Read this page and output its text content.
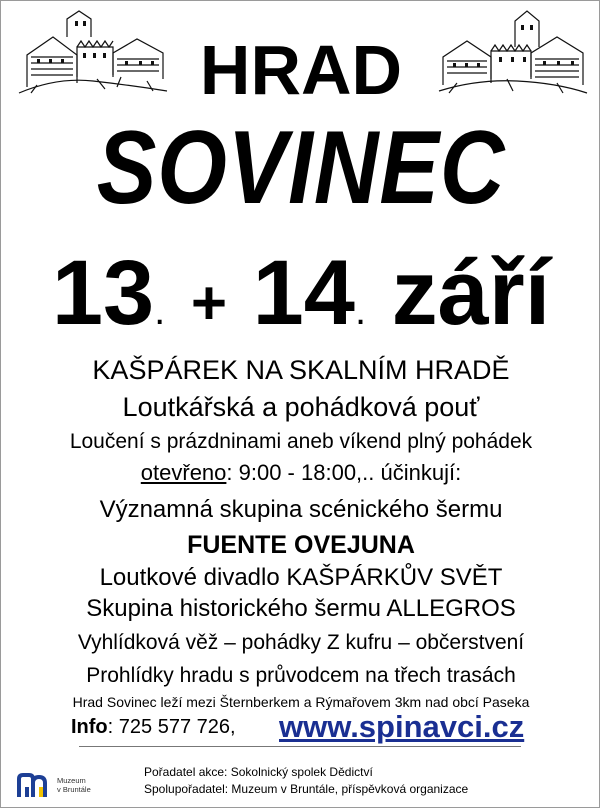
HRAD
SOVINEC
13. + 14. září
KAŠPÁREK NA SKALNÍM HRADĚ
Loutkářská a pohádková pouť
Loučení s prázdninami aneb víkend plný pohádek
otevřeno: 9:00 - 18:00,.. účinkují:
Významná skupina scénického šermu
FUENTE OVEJUNA
Loutkové divadlo KAŠPÁRKŮV SVĚT
Skupina historického šermu ALLEGROS
Vyhlídková věž – pohádky Z kufru – občerstvení
Prohlídky hradu s průvodcem na třech trasách
Hrad Sovinec leží mezi Šternberkem a Rýmařovem 3km nad obcí Paseka
Info: 725 577 726, www.spinavci.cz
Muzeum
v Bruntále
Pořadatel akce: Sokolnický spolek Dědictví
Spolupořadatel: Muzeum v Bruntále, příspěvková organizace
